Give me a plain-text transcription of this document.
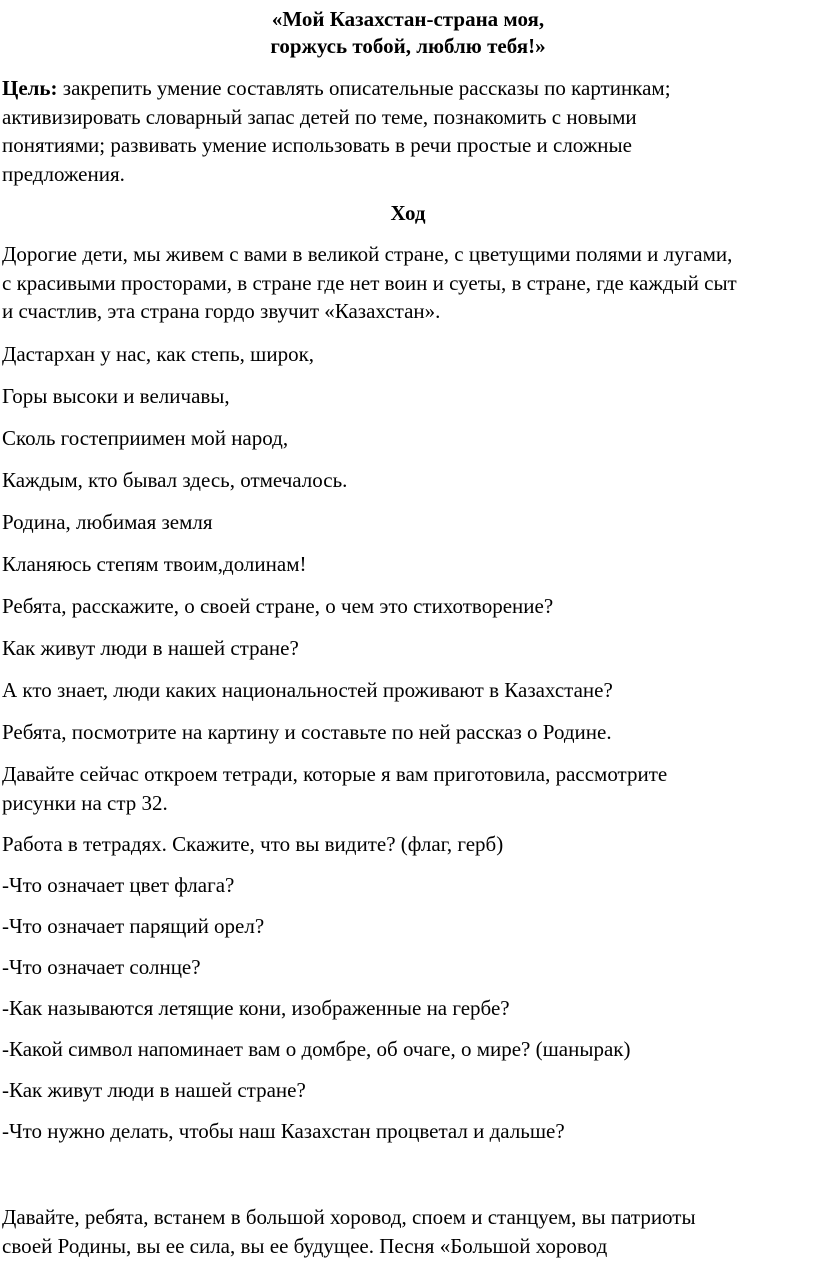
«Мой Казахстан-страна моя,

горжусь тобой, люблю тебя!»

Цель: закрепить умение составлять описательные рассказы по картинкам;
активизировать словарный запас детей по теме, познакомить с новыми
понятиями; развивать умение использовать в речи простые и сложные
предложения.

Ход

Дорогие дети, мы живем с вами в великой стране, с цветущими полями и лугами,
с красивыми просторами, в стране где нет воин и суеты, в стране, где каждый сыт
и счастлив, эта страна гордо звучит «Казахстан».

Дастархан у нас, как степь, широк,

Горы высоки и величавы,

Сколь гостеприимен мой народ,

Каждым, кто бывал здесь, отмечалось.

Родина, любимая земля

Кланяюсь степям твоим,долинам!

Ребята, расскажите, о своей стране, о чем это стихотворение?

Как живут люди в нашей стране?

А кто знает, люди каких национальностей проживают в Казахстане?

Ребята, посмотрите на картину и составьте по ней рассказ о Родине.

Давайте сейчас откроем тетради, которые я вам приготовила, рассмотрите
рисунки на стр 32.

Работа в тетрадях. Скажите, что вы видите? (флаг, герб)

-Что означает цвет флага?

-Что означает парящий орел?

-Что означает солнце?

-Как называются летящие кони, изображенные на гербе?

-Какой символ напоминает вам о домбре, об очаге, о мире? (шанырак)

-Как живут люди в нашей стране?

-Что нужно делать, чтобы наш Казахстан процветал и дальше?

Давайте, ребята, встанем в большой хоровод, споем и станцуем, вы патриоты
своей Родины, вы ее сила, вы ее будущее. Песня «Большой хоровод
